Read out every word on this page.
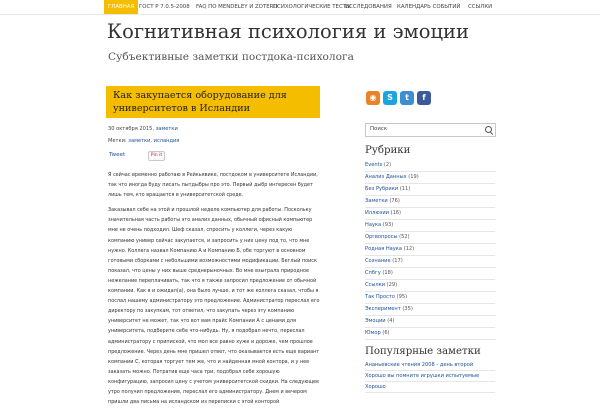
ГЛАВНАЯ ГОСТ Р 7.0.5-2008 FAQ ПО MENDELEY И ZOTERO
ПСИХОЛОГИЧЕСКИЕ ТЕСТЫ
ИССЛЕДОВАНИЯ КАЛЕНДАРЬ СОБЫТИЙ ССЫЛКИ
Когнитивная психология и эмоции
Субъективные заметки постдока-психолога
Как закупается оборудование для университетов в Исландии
30 октября 2015, заметки
Метки: заметки, исландия
Tweet	Pin it

Я сейчас временно работаю в Рейкьявике, постдоком в университете Исландии, так что иногда буду писать пытдыбры про это. Первый дыбр интересен будет лишь тем, кто вращается в университетской среде.

Заказывал себе на этой и прошлой неделе компьютер для работы. Поскольку значительная часть работы это анализ данных, обычный офисный компьютер мне не очень подходил. Шеф сказал, спросить у коллеги, через какую компанию универ сейчас закупается, и запросить у них цену под то, что мне нужно. Коллега назвал Компанию А и Компанию Б, обе торгуют в основном готовыми сборками с небольшими возможностями модификации. Беглый поиск показал, что цены у них выше среднерыночных. Во мне взыграла природное нежелание переплачивать, так что я также запросил предложение от обычной компании. Как я и ожидал(а), она было лучше, и тот же коллега сказал, чтобы я послал нашему администратору это предложение. Администратор переслал его директору по закупкам, тот ответил, что закупать через эту компанию университет не может, так что вот вам прайс Компании А с ценами для университета, подберите себе что-нибудь. Ну, я подобрал нечто, переслал администратору с припиской, что мол все равно хуже и дороже, чем прошлое предложение. Через день мне пришел ответ, что оказывается есть еще вариант компании С, которая торгует тем же, что и найденная мной контора, и у нее заказать можно. Потратив еще часа три, подобрал себе хорошую конфигурацию, запросил цену с учетом университетской скидки. На следующее утро получил предложение, переслал его администратору. Днем и вечером пришли два письма на исландском из переписки с этой конторой

◉	S	t	f
Поиск
Рубрики
Events (2)
Анализ Данных (19)
Без Рубрики (11)
Заметки (76)
Иллюзии (16)
Наука (93)
Оргвопросы (52)
Родная Наука (12)
Сознание (17)
Спбгу (18)
Ссылки (29)
Так Просто (95)
Эксперимент (35)
Эмоции (4)
Юмор (6)
Популярные заметки
Ананьевские чтения 2008 - день второй
Хорошо вы помните игрушки испытуемые
Хорошо
